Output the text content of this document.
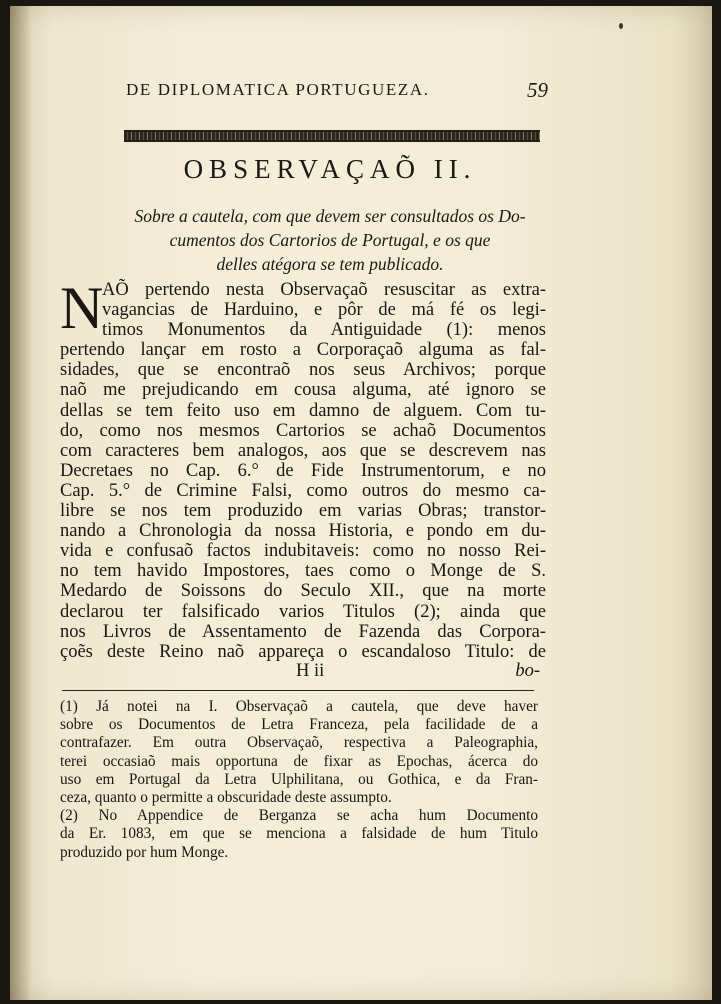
DE DIPLOMATICA PORTUGUEZA.	59
OBSERVAÇAÕ II.
Sobre a cautela, com que devem ser consultados os Do-
cumentos dos Cartorios de Portugal, e os que
delles atégora se tem publicado.
N
AÕ pertendo nesta Observaçaõ resuscitar as extra-
vagancias de Harduino, e pôr de má fé os legi-
timos Monumentos da Antiguidade (1): menos
pertendo lançar em rosto a Corporaçaõ alguma as fal-
sidades, que se encontraõ nos seus Archivos; porque
naõ me prejudicando em cousa alguma, até ignoro se
dellas se tem feito uso em damno de alguem. Com tu-
do, como nos mesmos Cartorios se achaõ Documentos
com caracteres bem analogos, aos que se descrevem nas
Decretaes no Cap. 6.° de Fide Instrumentorum, e no
Cap. 5.° de Crimine Falsi, como outros do mesmo ca-
libre se nos tem produzido em varias Obras; transtor-
nando a Chronologia da nossa Historia, e pondo em du-
vida e confusaõ factos indubitaveis: como no nosso Rei-
no tem havido Impostores, taes como o Monge de S.
Medardo de Soissons do Seculo XII., que na morte
declarou ter falsificado varios Titulos (2); ainda que
nos Livros de Assentamento de Fazenda das Corpora-
çoẽs deste Reino naõ appareça o escandaloso Titulo: de
H ii	bo-
(1) Já notei na I. Observaçaõ a cautela, que deve haver
sobre os Documentos de Letra Franceza, pela facilidade de a
contrafazer. Em outra Observaçaõ, respectiva a Paleographia,
terei occasiaõ mais opportuna de fixar as Epochas, ácerca do
uso em Portugal da Letra Ulphilitana, ou Gothica, e da Fran-
ceza, quanto o permitte a obscuridade deste assumpto.
(2) No Appendice de Berganza se acha hum Documento
da Er. 1083, em que se menciona a falsidade de hum Titulo
produzido por hum Monge.
